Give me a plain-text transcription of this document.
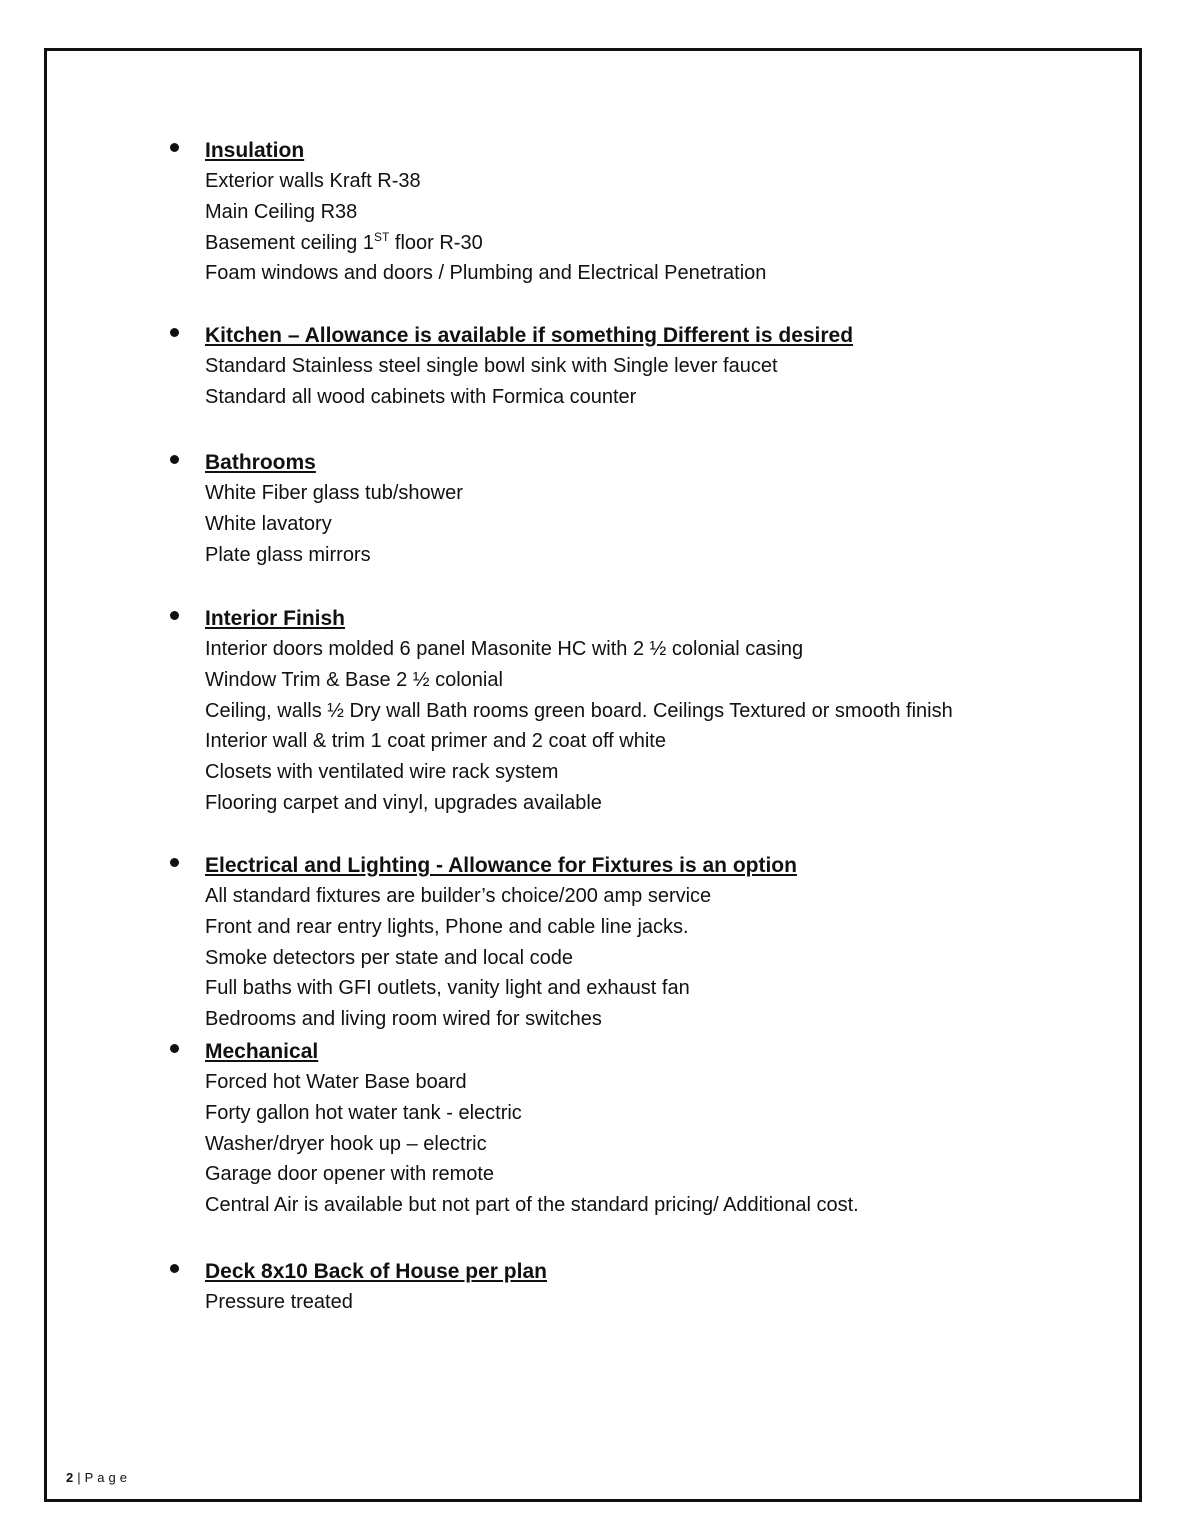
Insulation
Exterior walls Kraft R-38
Main Ceiling R38
Basement ceiling 1ST floor R-30
Foam windows and doors / Plumbing and Electrical Penetration
Kitchen – Allowance is available if something Different is desired
Standard Stainless steel single bowl sink with Single lever faucet
Standard all wood cabinets with Formica counter
Bathrooms
White Fiber glass tub/shower
White lavatory
Plate glass mirrors
Interior Finish
Interior doors molded 6 panel Masonite HC with 2 ½ colonial casing
Window Trim & Base 2 ½ colonial
Ceiling, walls ½ Dry wall Bath rooms green board. Ceilings Textured or smooth finish
Interior wall & trim 1 coat primer and 2 coat off white
Closets with ventilated wire rack system
Flooring carpet and vinyl, upgrades available
Electrical and Lighting - Allowance for Fixtures is an option
All standard fixtures are builder’s choice/200 amp service
Front and rear entry lights, Phone and cable line jacks.
Smoke detectors per state and local code
Full baths with GFI outlets, vanity light and exhaust fan
Bedrooms and living room wired for switches
Mechanical
Forced hot Water Base board
Forty gallon hot water tank - electric
Washer/dryer hook up – electric
Garage door opener with remote
Central Air is available but not part of the standard pricing/ Additional cost.
Deck 8x10 Back of House per plan
Pressure treated
2 | Page
